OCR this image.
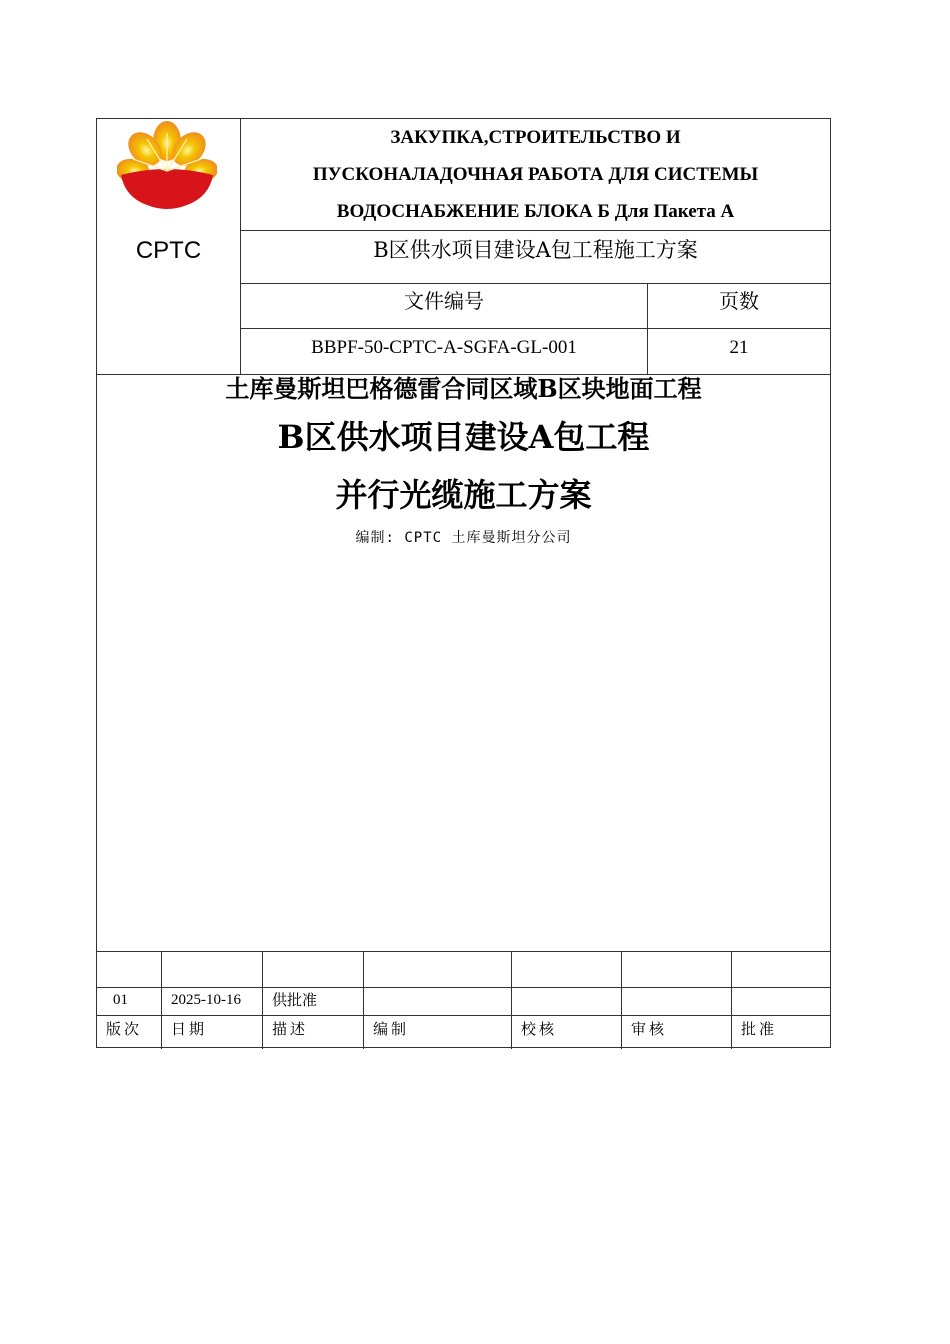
CPTC
ЗАКУПКА,СТРОИТЕЛЬСТВО И
ПУСКОНАЛАДОЧНАЯ РАБОТА ДЛЯ СИСТЕМЫ
ВОДОСНАБЖЕНИЕ БЛОКА Б Для Пакета А
B区供水项目建设A包工程施工方案
文件编号	页数
BBPF-50-CPTC-A-SGFA-GL-001	21
土库曼斯坦巴格德雷合同区域B区块地面工程
B区供水项目建设A包工程
并行光缆施工方案
编制: CPTC 土库曼斯坦分公司
01	2025-10-16	供批准
版次	日期	描述	编制	校核	审核	批准
